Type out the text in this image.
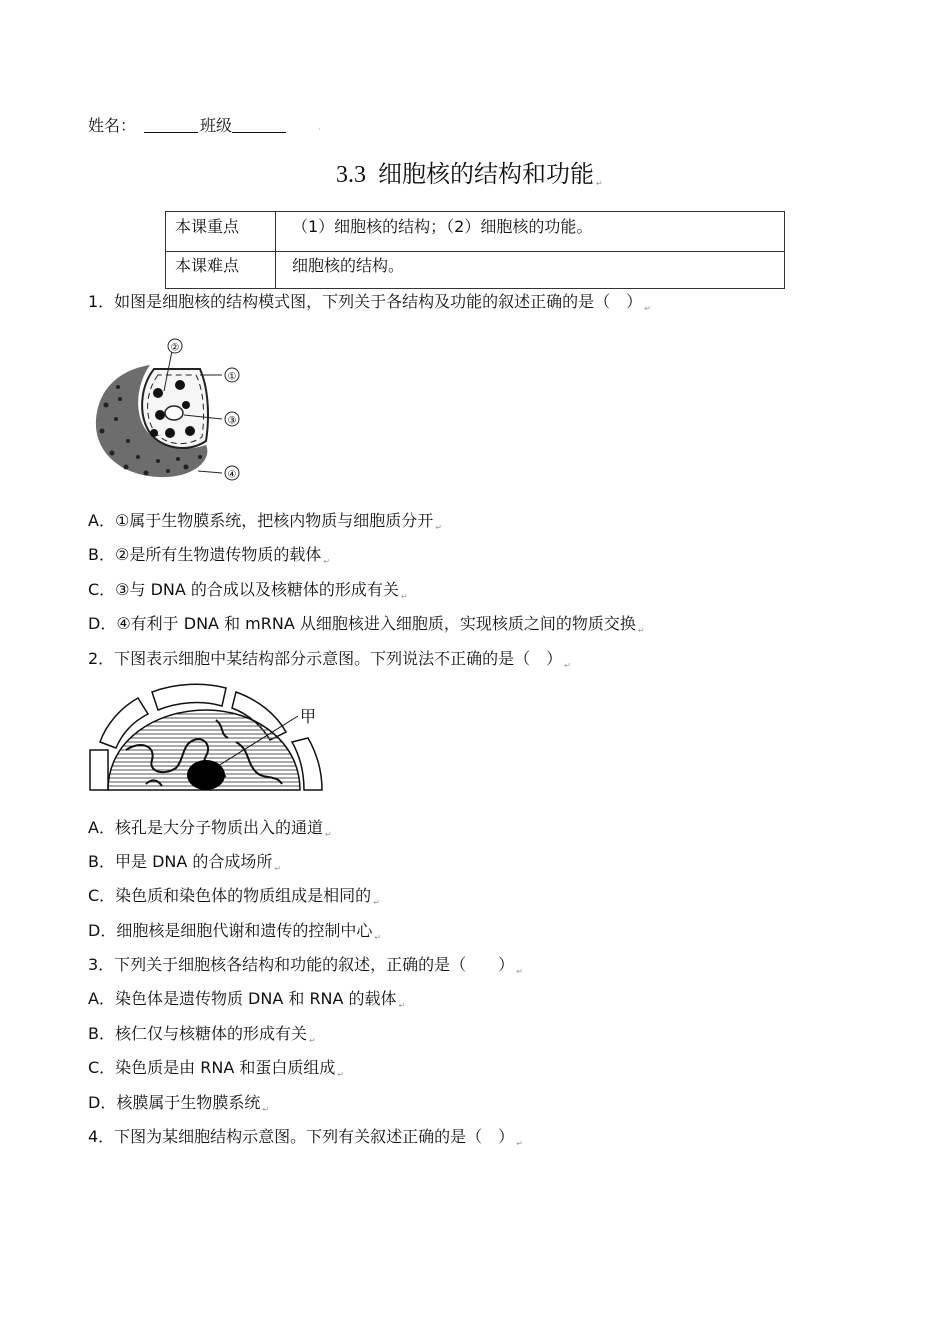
姓名：	班级	·
3.3 细胞核的结构和功能 ↵
本课重点	（1）细胞核的结构；（2）细胞核的功能。
本课难点	细胞核的结构。
1．如图是细胞核的结构模式图，下列关于各结构及功能的叙述正确的是（　） $_↵$
②
①
③
④
A．①属于生物膜系统，把核内物质与细胞质分开 $_↵$
B．②是所有生物遗传物质的载体 $_↵$
C．③与 DNA 的合成以及核糖体的形成有关 $_↵$
D．④有利于 DNA 和 mRNA 从细胞核进入细胞质，实现核质之间的物质交换 $_↵$
2．下图表示细胞中某结构部分示意图。下列说法不正确的是（　） $_↵$
甲
A．核孔是大分子物质出入的通道 $_↵$
B．甲是 DNA 的合成场所 $_↵$
C．染色质和染色体的物质组成是相同的 $_↵$
D．细胞核是细胞代谢和遗传的控制中心 $_↵$
3．下列关于细胞核各结构和功能的叙述，正确的是（　　） $_↵$
A．染色体是遗传物质 DNA 和 RNA 的载体 $_↵$
B．核仁仅与核糖体的形成有关 $_↵$
C．染色质是由 RNA 和蛋白质组成 $_↵$
D．核膜属于生物膜系统 $_↵$
4．下图为某细胞结构示意图。下列有关叙述正确的是（　） $_↵$
